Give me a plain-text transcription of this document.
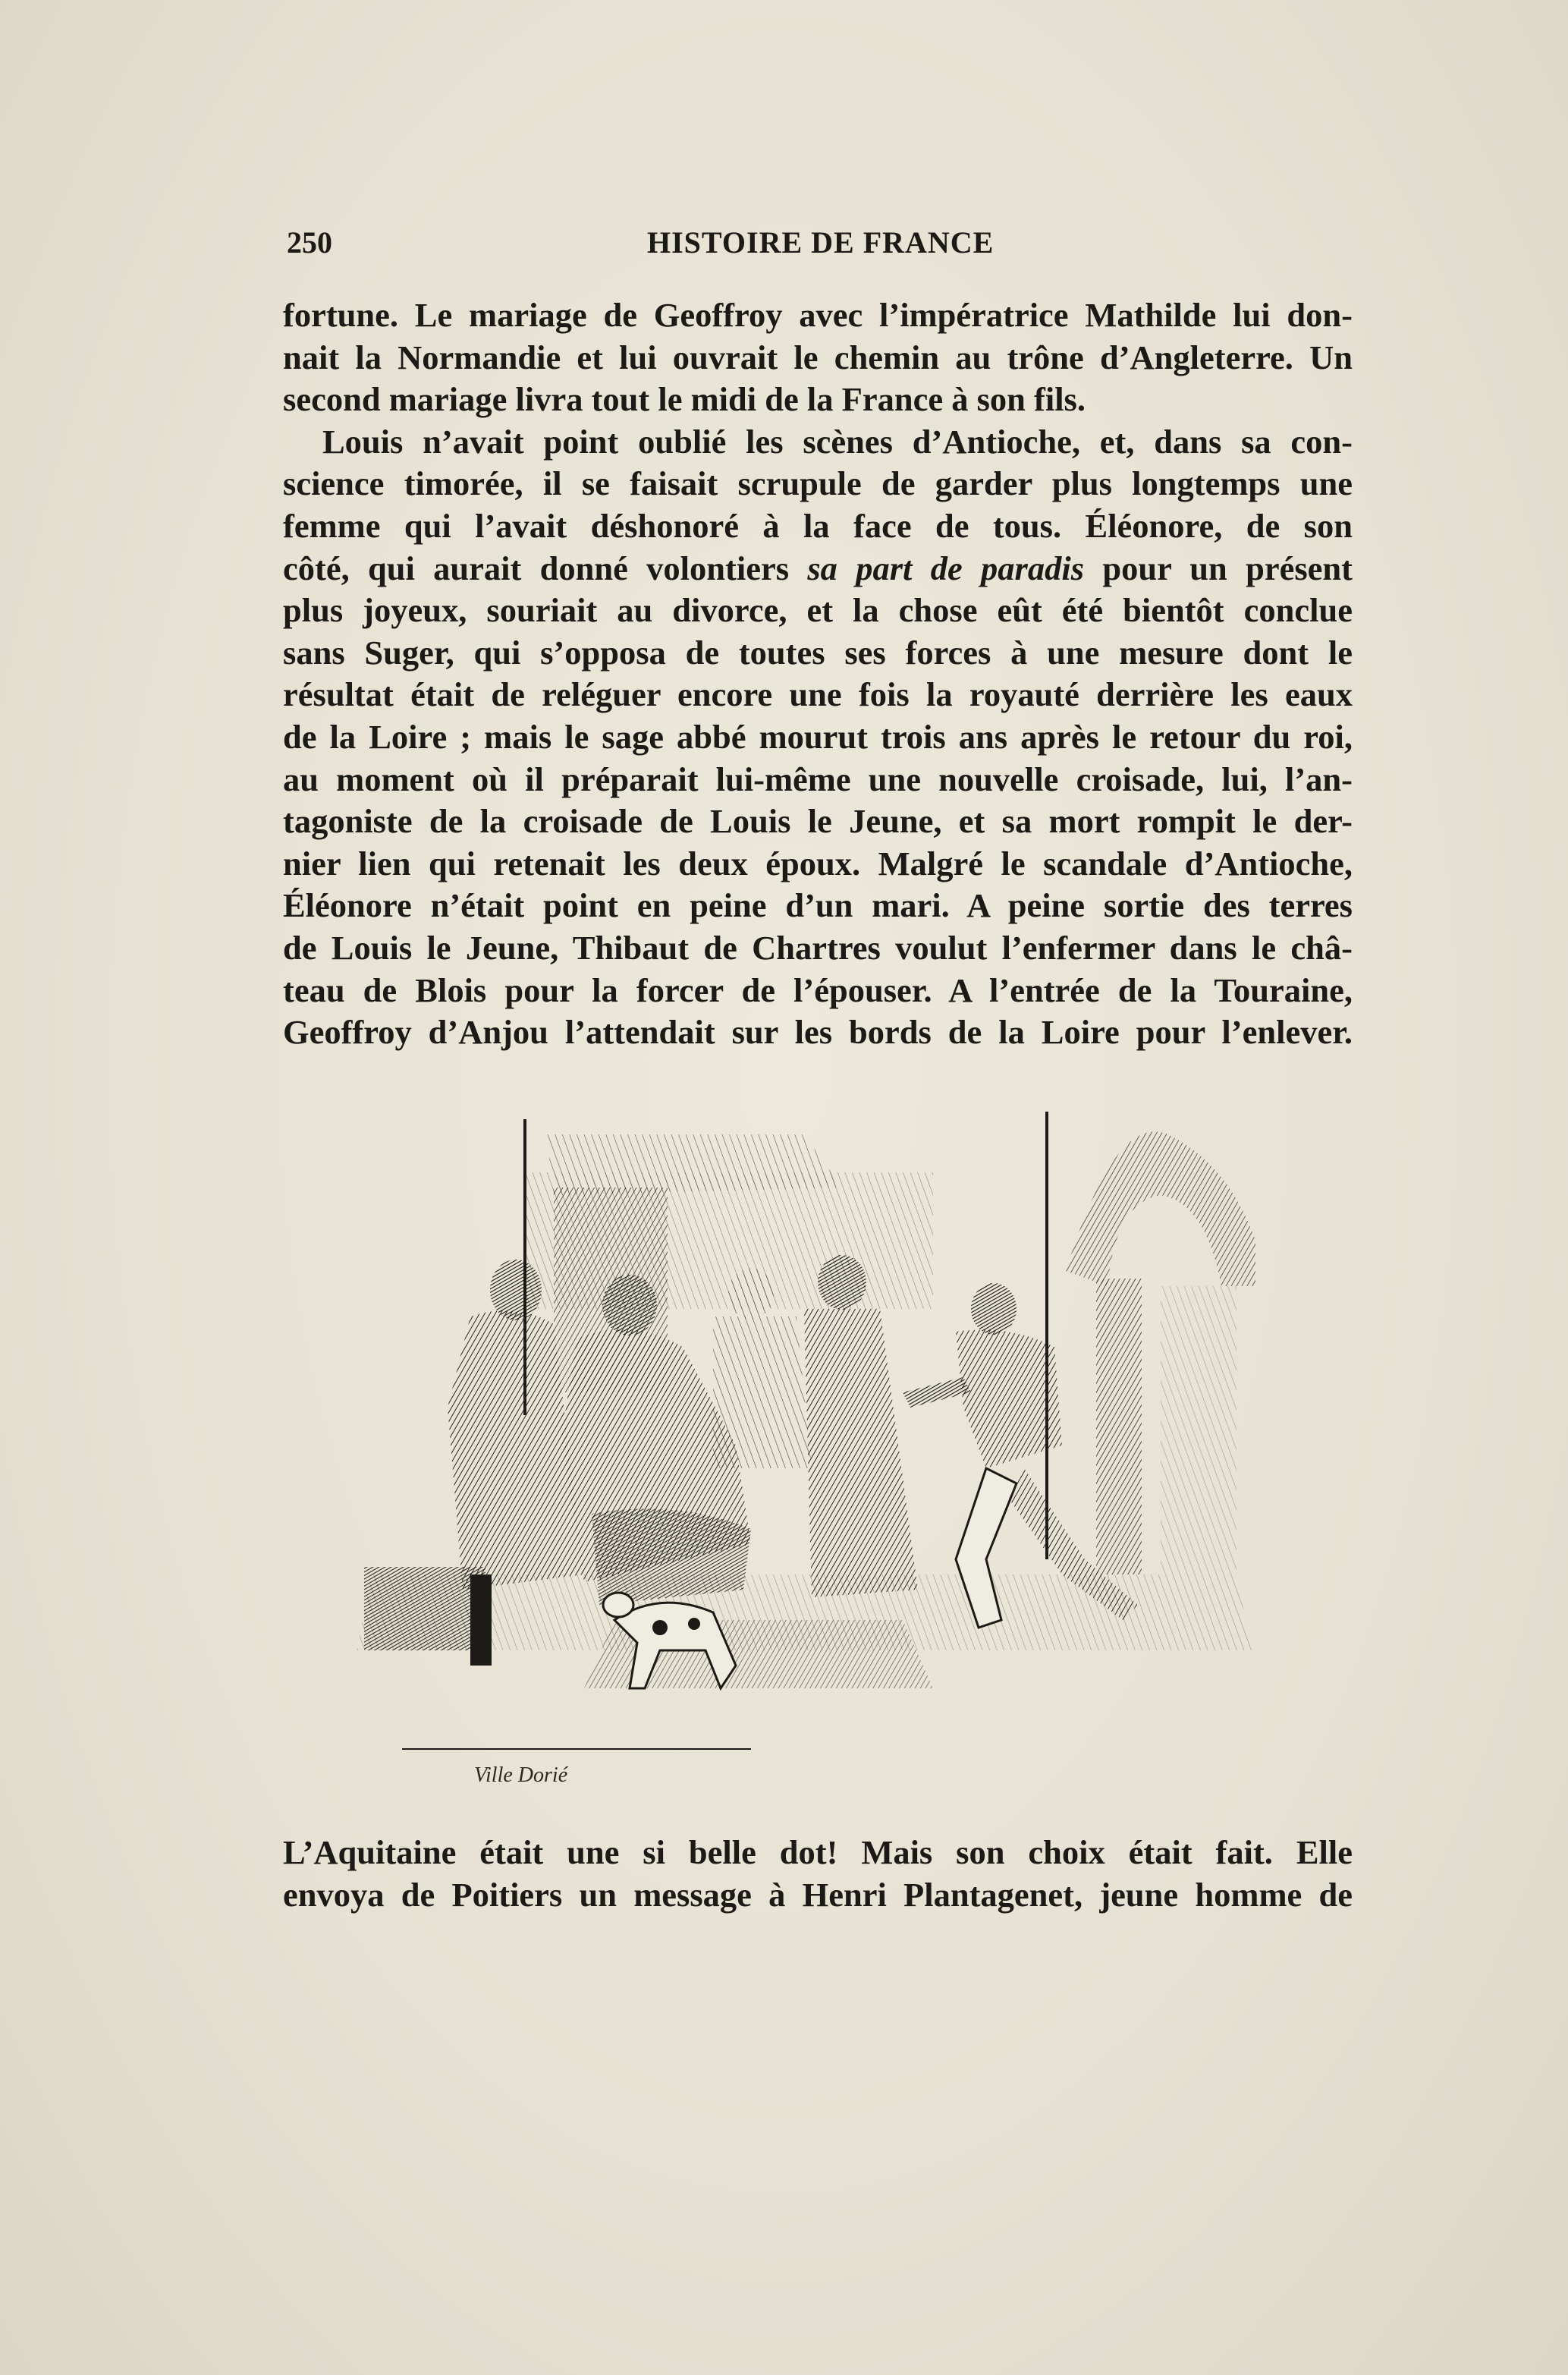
250	HISTOIRE DE FRANCE

fortune. Le mariage de Geoffroy avec l’impératrice Mathilde lui don-
nait la Normandie et lui ouvrait le chemin au trône d’Angleterre. Un
second mariage livra tout le midi de la France à son fils.

Louis n’avait point oublié les scènes d’Antioche, et, dans sa con-
science timorée, il se faisait scrupule de garder plus longtemps une
femme qui l’avait déshonoré à la face de tous. Éléonore, de son
côté, qui aurait donné volontiers sa part de paradis pour un présent
plus joyeux, souriait au divorce, et la chose eût été bientôt conclue
sans Suger, qui s’opposa de toutes ses forces à une mesure dont le
résultat était de reléguer encore une fois la royauté derrière les eaux
de la Loire ; mais le sage abbé mourut trois ans après le retour du roi,
au moment où il préparait lui-même une nouvelle croisade, lui, l’an-
tagoniste de la croisade de Louis le Jeune, et sa mort rompit le der-
nier lien qui retenait les deux époux. Malgré le scandale d’Antioche,
Éléonore n’était point en peine d’un mari. A peine sortie des terres
de Louis le Jeune, Thibaut de Chartres voulut l’enfermer dans le châ-
teau de Blois pour la forcer de l’épouser. A l’entrée de la Touraine,
Geoffroy d’Anjou l’attendait sur les bords de la Loire pour l’enlever.

Ville Dorié

L’Aquitaine était une si belle dot! Mais son choix était fait. Elle
envoya de Poitiers un message à Henri Plantagenet, jeune homme de
